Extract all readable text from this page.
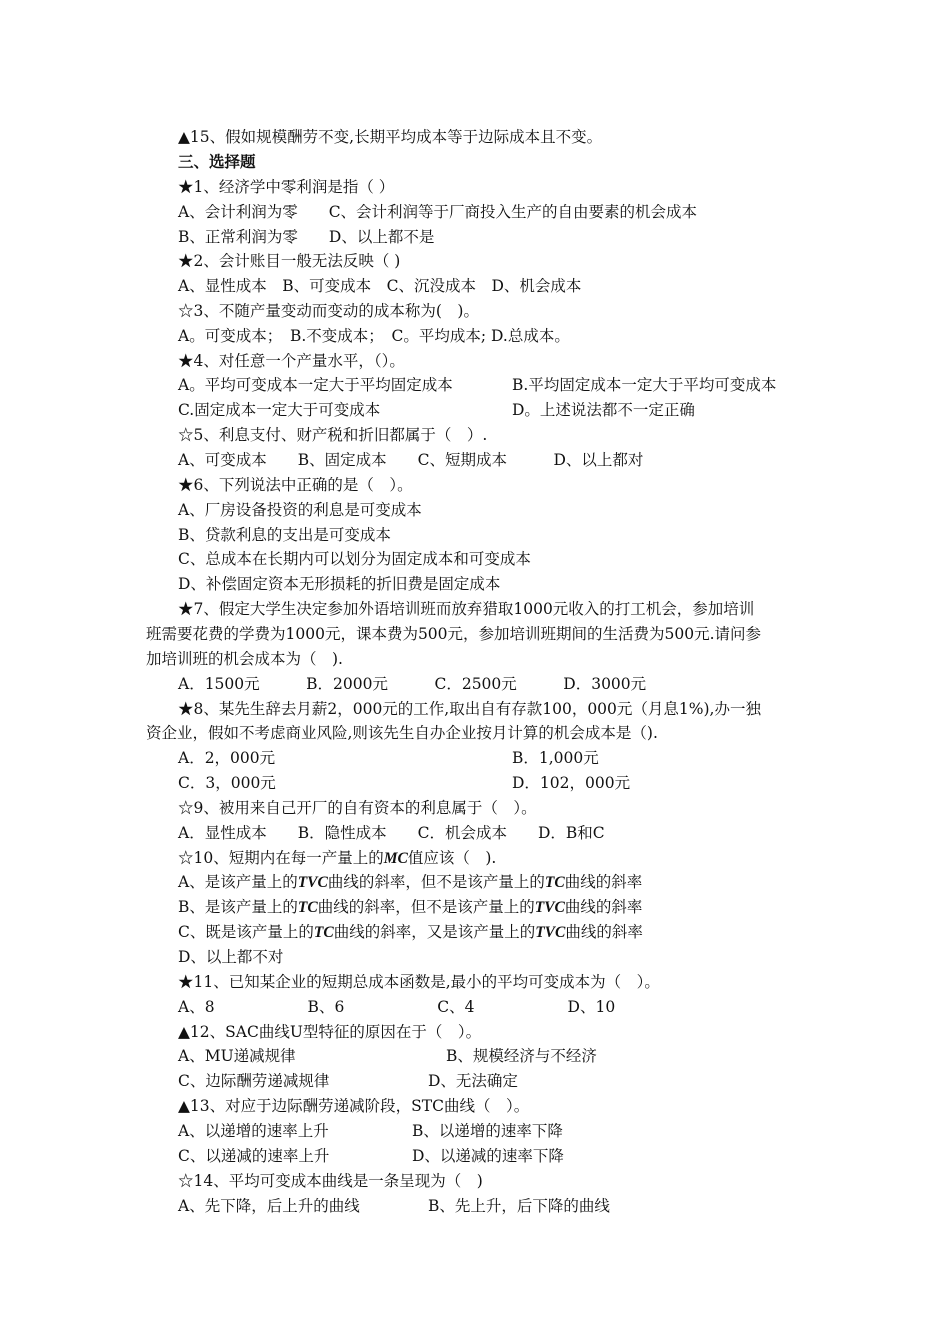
▲15、假如规模酬劳不变,长期平均成本等于边际成本且不变。
三、选择题
★1、经济学中零利润是指（ ）
A、会计利润为零　　C、会计利润等于厂商投入生产的自由要素的机会成本
B、正常利润为零　　D、以上都不是
★2、会计账目一般无法反映（ )
A、显性成本　B、可变成本　C、沉没成本　D、机会成本
☆3、不随产量变动而变动的成本称为(　)。
A。可变成本；　B.不变成本；　C。平均成本; D.总成本。
★4、对任意一个产量水平，（）。
A。平均可变成本一定大于平均固定成本	B.平均固定成本一定大于平均可变成本
C.固定成本一定大于可变成本	D。上述说法都不一定正确
☆5、利息支付、财产税和折旧都属于（　）.
A、可变成本　　B、固定成本　　C、短期成本　　　D、以上都对
★6、下列说法中正确的是（　）。
A、厂房设备投资的利息是可变成本
B、贷款利息的支出是可变成本
C、总成本在长期内可以划分为固定成本和可变成本
D、补偿固定资本无形损耗的折旧费是固定成本
★7、假定大学生决定参加外语培训班而放弃猎取1000元收入的打工机会，参加培训
班需要花费的学费为1000元，课本费为500元，参加培训班期间的生活费为500元.请问参
加培训班的机会成本为（　).
A．1500元　　　B．2000元　　　C．2500元　　　D．3000元
★8、某先生辞去月薪2，000元的工作,取出自有存款100，000元（月息1%),办一独
资企业，假如不考虑商业风险,则该先生自办企业按月计算的机会成本是（).
A．2，000元	B．1,000元
C．3，000元	D．102，000元
☆9、被用来自己开厂的自有资本的利息属于（　）。
A．显性成本　　B．隐性成本　　C．机会成本　　D．B和C
☆10、短期内在每一产量上的MC值应该（　).
A、是该产量上的TVC曲线的斜率，但不是该产量上的TC曲线的斜率
B、是该产量上的TC曲线的斜率，但不是该产量上的TVC曲线的斜率
C、既是该产量上的TC曲线的斜率，又是该产量上的TVC曲线的斜率
D、以上都不对
★11、已知某企业的短期总成本函数是,最小的平均可变成本为（　）。
A、8　　　　　　B、6　　　　　　C、4　　　　　　D、10
▲12、SAC曲线U型特征的原因在于（　）。
A、MU递减规律	B、规模经济与不经济
C、边际酬劳递减规律	D、无法确定
▲13、对应于边际酬劳递减阶段，STC曲线（　）。
A、以递增的速率上升	B、以递增的速率下降
C、以递减的速率上升	D、以递减的速率下降
☆14、平均可变成本曲线是一条呈现为（　)
A、先下降，后上升的曲线	B、先上升，后下降的曲线
